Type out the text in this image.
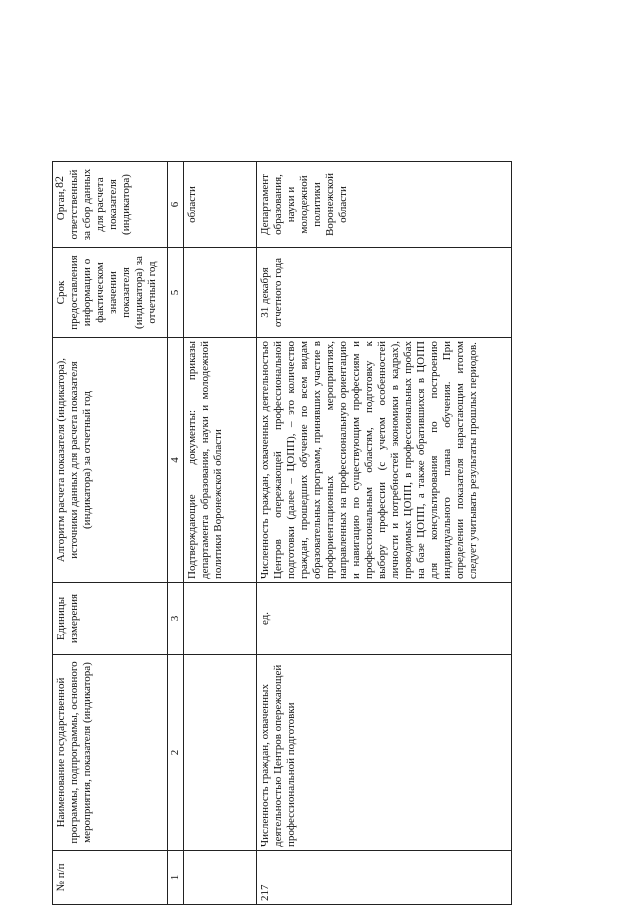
82
№ п/п	Наименование государственной программы, подпрограммы, основного мероприятия, показателя (индикатора)	Единицы измерения	Алгоритм расчета показателя (индикатора), источники данных для расчета показателя (индикатора) за отчетный год	Срок предоставления информации о фактическом значении показателя (индикатора) за отчетный год	Орган, ответственный за сбор данных для расчета показателя (индикатора)
1	2	3	4	5	6
			Подтверждающие документы: приказы департамента образования, науки и молодежной политики Воронежской области		области
217	Численность граждан, охваченных деятельностью Центров опережающей профессиональной подготовки	ед.	Численность граждан, охваченных деятельностью Центров опережающей профессиональной подготовки (далее – ЦОПП), – это количество граждан, прошедших обучение по всем видам образовательных программ, принявших участие в профориентационных мероприятиях, направленных на профессиональную ориентацию и навигацию по существующим профессиям и профессиональным областям, подготовку к выбору профессии (с учетом особенностей личности и потребностей экономики в кадрах), проводимых ЦОПП, в профессиональных пробах на базе ЦОПП, а также обратившихся в ЦОПП для консультирования по построению индивидуального плана обучения. При определении показателя нарастающим итогом следует учитывать результаты прошлых периодов.	31 декабря отчетного года	Департамент образования, науки и молодежной политики Воронежской области
